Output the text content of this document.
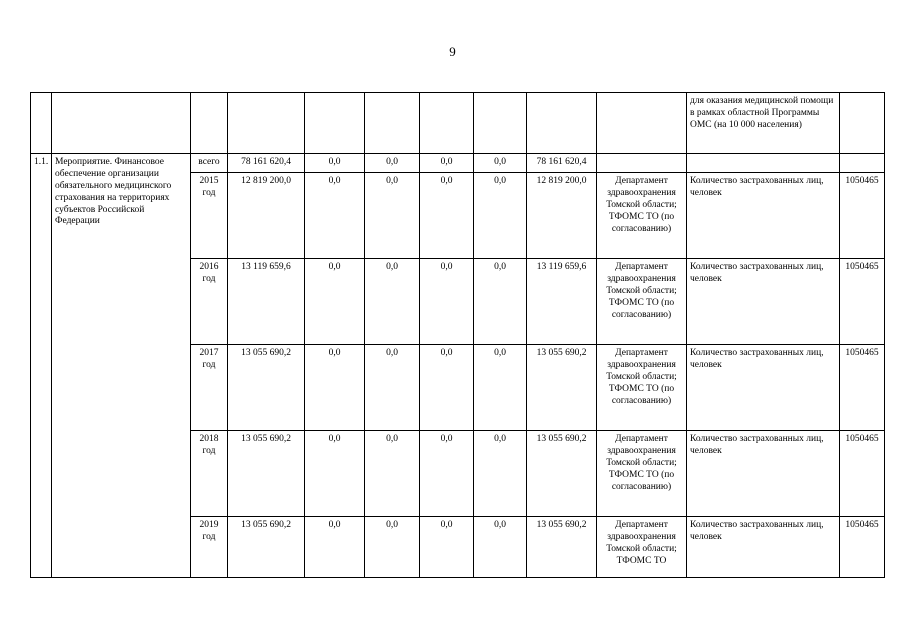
9
										для оказания медицинской помощи в рамках областной Программы ОМС (на 10 000 населения)	
1.1.	Мероприятие. Финансовое обеспечение организации обязательного медицинского страхования на территориях субъектов Российской Федерации	всего	78 161 620,4	0,0	0,0	0,0	0,0	78 161 620,4			
		2015 год	12 819 200,0	0,0	0,0	0,0	0,0	12 819 200,0	Департамент здравоохранения Томской области; ТФОМС ТО (по согласованию)	Количество застрахованных лиц, человек	1050465
		2016 год	13 119 659,6	0,0	0,0	0,0	0,0	13 119 659,6	Департамент здравоохранения Томской области; ТФОМС ТО (по согласованию)	Количество застрахованных лиц, человек	1050465
		2017 год	13 055 690,2	0,0	0,0	0,0	0,0	13 055 690,2	Департамент здравоохранения Томской области; ТФОМС ТО (по согласованию)	Количество застрахованных лиц, человек	1050465
		2018 год	13 055 690,2	0,0	0,0	0,0	0,0	13 055 690,2	Департамент здравоохранения Томской области; ТФОМС ТО (по согласованию)	Количество застрахованных лиц, человек	1050465
		2019 год	13 055 690,2	0,0	0,0	0,0	0,0	13 055 690,2	Департамент здравоохранения Томской области; ТФОМС ТО	Количество застрахованных лиц, человек	1050465
